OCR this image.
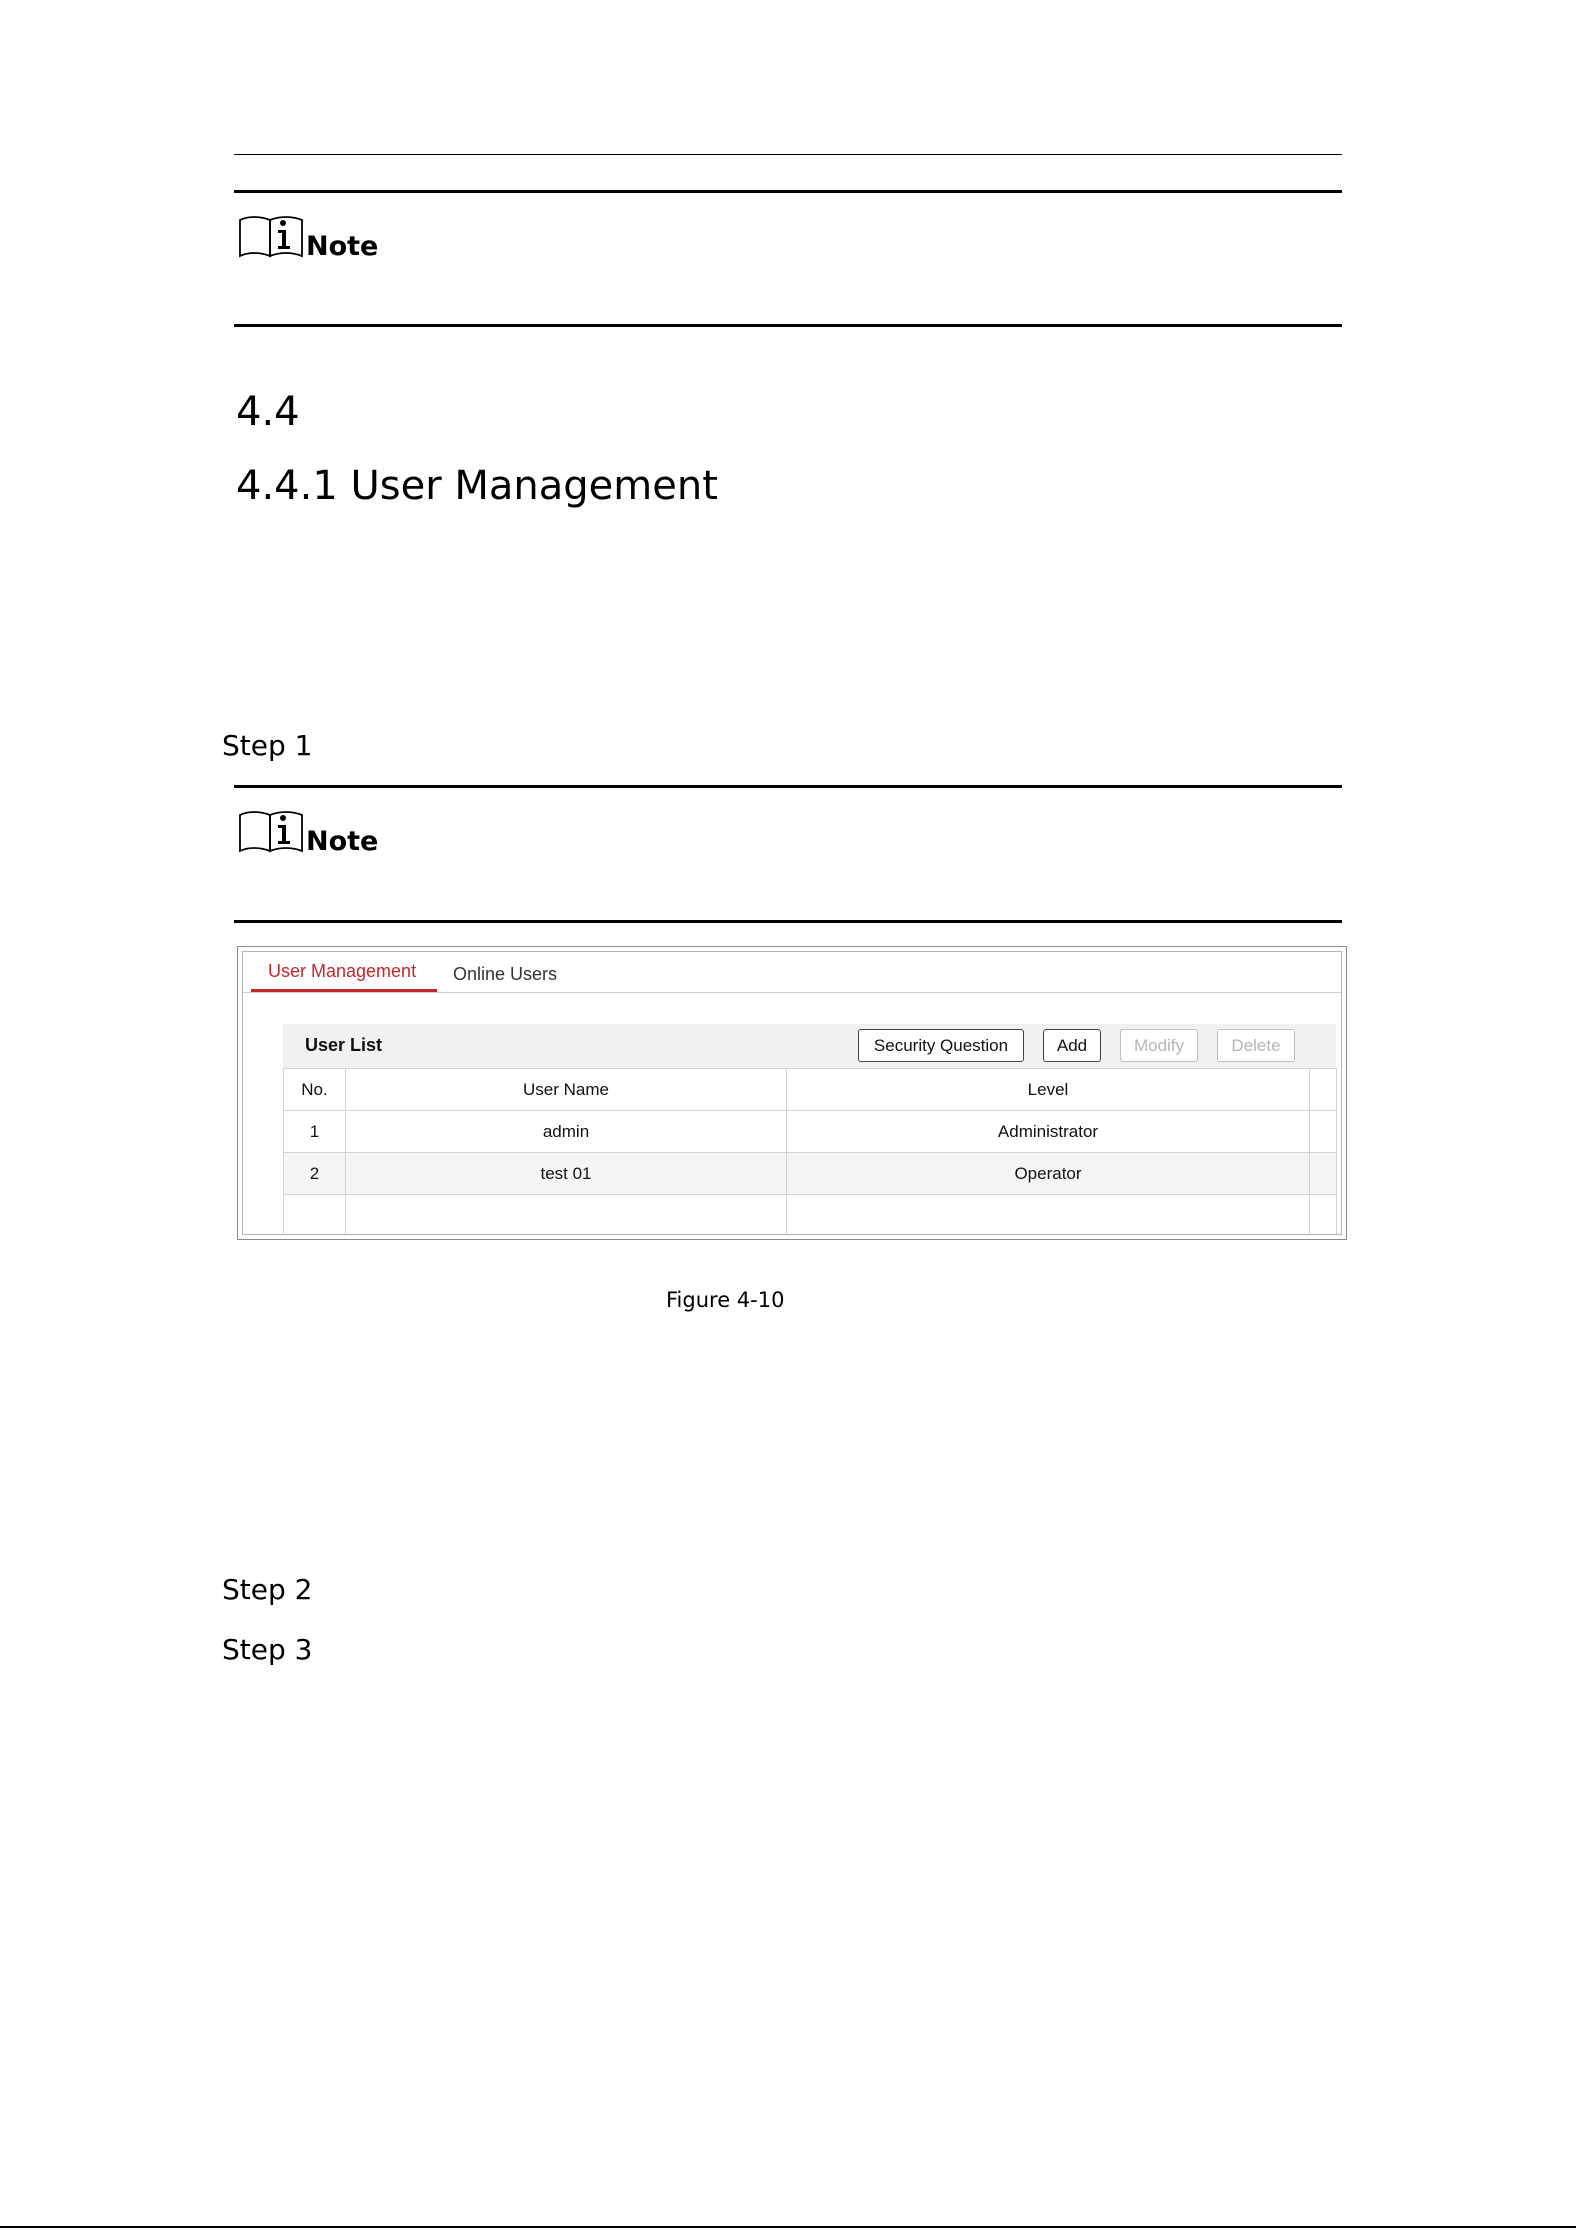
Note
4.4
4.4.1 User Management
Step 1
Note
User Management Online Users
User List	Security Question	Add	Modify	Delete
No.	User Name	Level	
1	admin	Administrator	
2	test 01	Operator	

Figure 4-10
Step 2
Step 3
